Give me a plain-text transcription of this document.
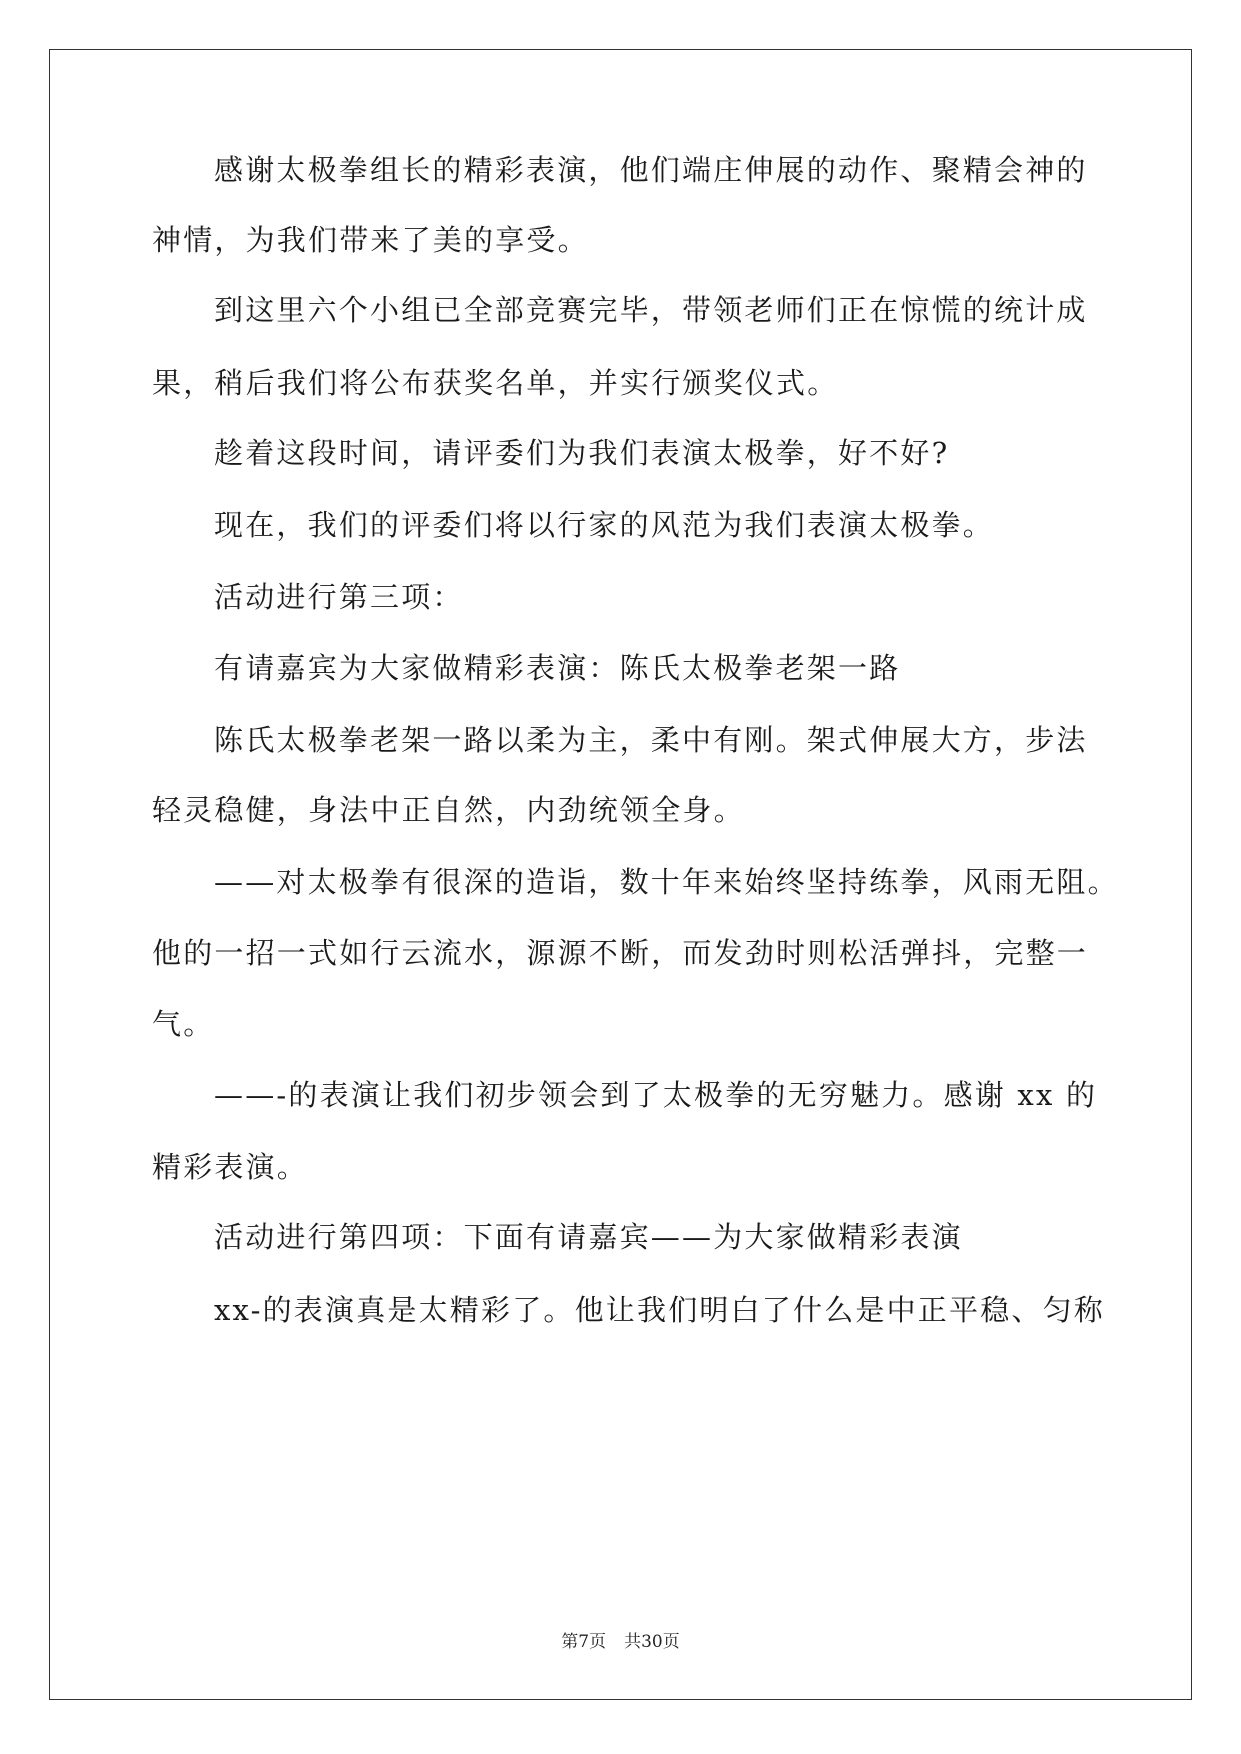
感谢太极拳组长的精彩表演，他们端庄伸展的动作、聚精会神的
神情，为我们带来了美的享受。
到这里六个小组已全部竞赛完毕，带领老师们正在惊慌的统计成
果，稍后我们将公布获奖名单，并实行颁奖仪式。
趁着这段时间，请评委们为我们表演太极拳，好不好?
现在，我们的评委们将以行家的风范为我们表演太极拳。
活动进行第三项：
有请嘉宾为大家做精彩表演：陈氏太极拳老架一路
陈氏太极拳老架一路以柔为主，柔中有刚。架式伸展大方，步法
轻灵稳健，身法中正自然，内劲统领全身。
——对太极拳有很深的造诣，数十年来始终坚持练拳，风雨无阻。
他的一招一式如行云流水，源源不断，而发劲时则松活弹抖，完整一
气。
——-的表演让我们初步领会到了太极拳的无穷魅力。感谢 xx 的
精彩表演。
活动进行第四项：下面有请嘉宾——为大家做精彩表演
xx-的表演真是太精彩了。他让我们明白了什么是中正平稳、匀称
第7页 共30页
